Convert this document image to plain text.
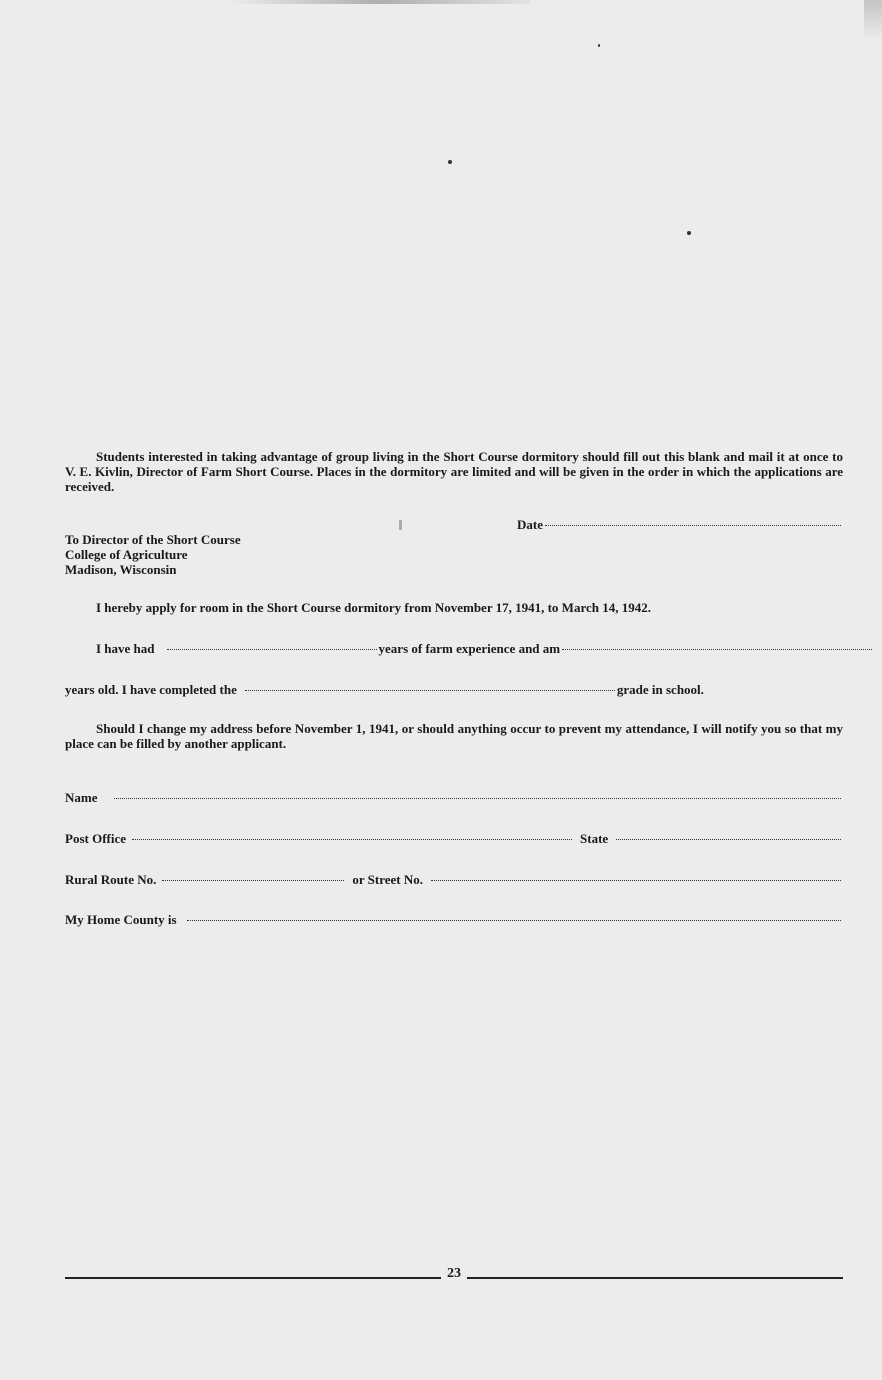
Students interested in taking advantage of group living in the Short Course dormitory should fill out this blank and mail it at once to V. E. Kivlin, Director of Farm Short Course. Places in the dormitory are limited and will be given in the order in which the applications are received.
Date
To Director of the Short Course
College of Agriculture
Madison, Wisconsin
I hereby apply for room in the Short Course dormitory from November 17, 1941, to March 14, 1942.
I have had	years of farm experience and am
years old. I have completed the	grade in school.
Should I change my address before November 1, 1941, or should anything occur to prevent my attendance, I will notify you so that my place can be filled by another applicant.
Name
Post Office	State
Rural Route No.	or Street No.
My Home County is
23
